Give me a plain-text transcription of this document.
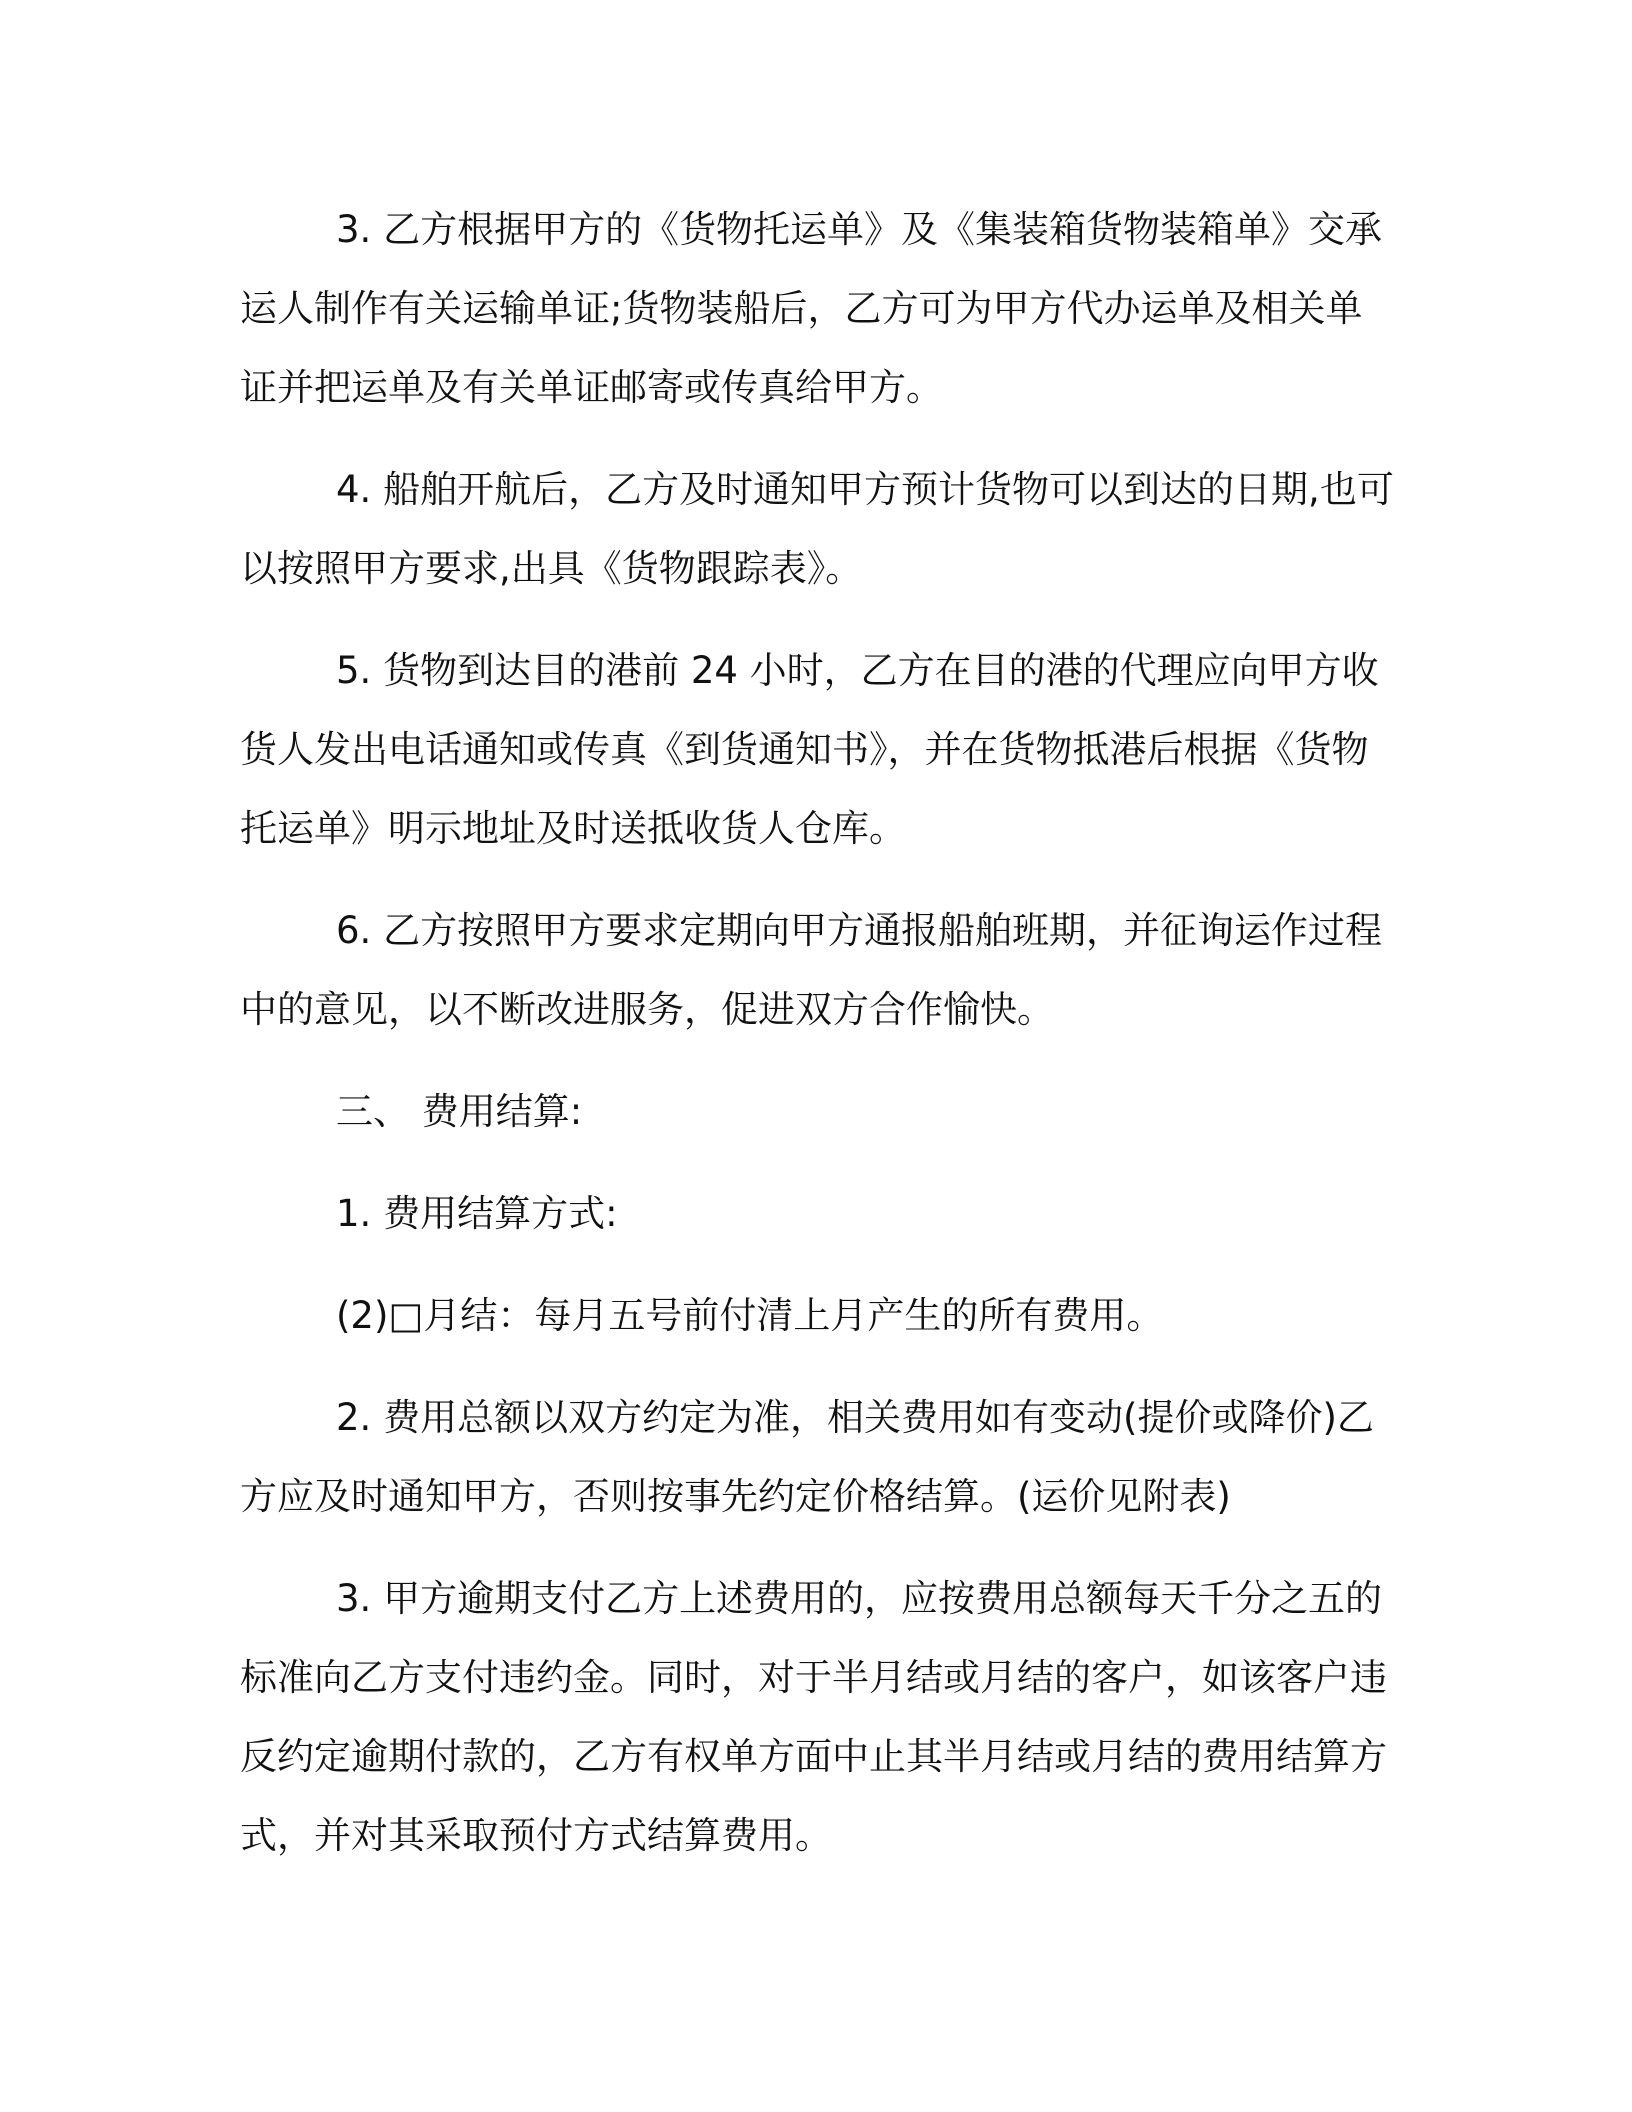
3. 乙方根据甲方的《货物托运单》及《集装箱货物装箱单》交承运人制作有关运输单证;货物装船后，乙方可为甲方代办运单及相关单证并把运单及有关单证邮寄或传真给甲方。

4. 船舶开航后，乙方及时通知甲方预计货物可以到达的日期,也可以按照甲方要求,出具《货物跟踪表》。

5. 货物到达目的港前 24 小时，乙方在目的港的代理应向甲方收货人发出电话通知或传真《到货通知书》，并在货物抵港后根据《货物托运单》明示地址及时送抵收货人仓库。

6. 乙方按照甲方要求定期向甲方通报船舶班期，并征询运作过程中的意见，以不断改进服务，促进双方合作愉快。

三、 费用结算:

1. 费用结算方式:

(2)□月结：每月五号前付清上月产生的所有费用。

2. 费用总额以双方约定为准，相关费用如有变动(提价或降价)乙方应及时通知甲方，否则按事先约定价格结算。(运价见附表)

3. 甲方逾期支付乙方上述费用的，应按费用总额每天千分之五的标准向乙方支付违约金。同时，对于半月结或月结的客户，如该客户违反约定逾期付款的，乙方有权单方面中止其半月结或月结的费用结算方式，并对其采取预付方式结算费用。
